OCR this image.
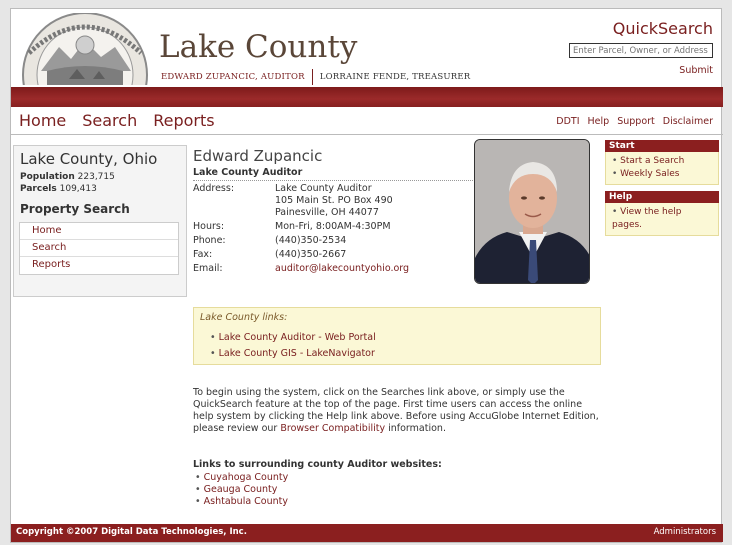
Lake County
EDWARD ZUPANCIC, AUDITOR LORRAINE FENDE, TREASURER
QuickSearch
Enter Parcel, Owner, or Address
Submit
Home Search Reports	DDTI Help Support Disclaimer
Lake County, Ohio
Population 223,715
Parcels 109,413
Property Search
Home
Search
Reports
Edward Zupancic
Lake County Auditor
Address:	Lake County Auditor
105 Main St. PO Box 490
Painesville, OH 44077
Hours:	Mon-Fri, 8:00AM-4:30PM
Phone:	(440)350-2534
Fax:	(440)350-2667
Email:	auditor@lakecountyohio.org
Start
• Start a Search
• Weekly Sales
Help
• View the help pages.
Lake County links:
• Lake County Auditor - Web Portal
• Lake County GIS - LakeNavigator
To begin using the system, click on the Searches link above, or simply use the QuickSearch feature at the top of the page. First time users can access the online help system by clicking the Help link above. Before using AccuGlobe Internet Edition, please review our Browser Compatibility information.
Links to surrounding county Auditor websites:
• Cuyahoga County
• Geauga County
• Ashtabula County
Copyright ©2007 Digital Data Technologies, Inc.	Administrators
